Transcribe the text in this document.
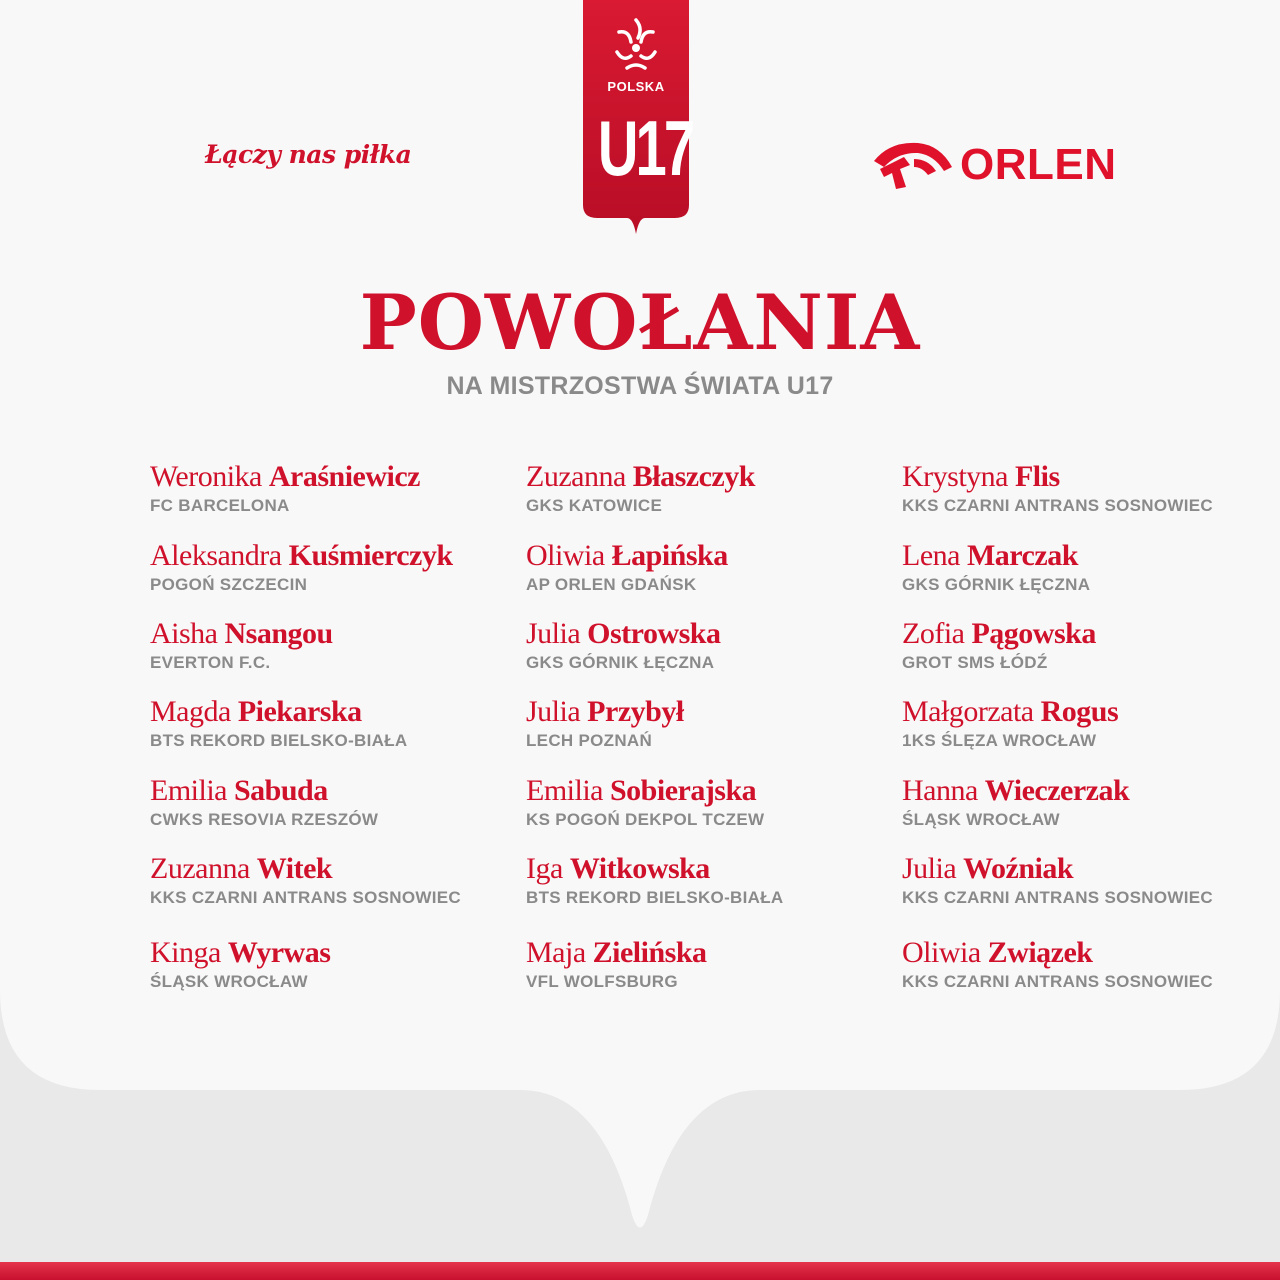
Łączy nas piłka
POLSKA
U17	ORLEN
POWOŁANIA
NA MISTRZOSTWA ŚWIATA U17
Weronika Araśniewicz
FC BARCELONA
Aleksandra Kuśmierczyk
POGOŃ SZCZECIN
Aisha Nsangou
EVERTON F.C.
Magda Piekarska
BTS REKORD BIELSKO-BIAŁA
Emilia Sabuda
CWKS RESOVIA RZESZÓW
Zuzanna Witek
KKS CZARNI ANTRANS SOSNOWIEC
Kinga Wyrwas
ŚLĄSK WROCŁAW
Zuzanna Błaszczyk
GKS KATOWICE
Oliwia Łapińska
AP ORLEN GDAŃSK
Julia Ostrowska
GKS GÓRNIK ŁĘCZNA
Julia Przybył
LECH POZNAŃ
Emilia Sobierajska
KS POGOŃ DEKPOL TCZEW
Iga Witkowska
BTS REKORD BIELSKO-BIAŁA
Maja Zielińska
VFL WOLFSBURG
Krystyna Flis
KKS CZARNI ANTRANS SOSNOWIEC
Lena Marczak
GKS GÓRNIK ŁĘCZNA
Zofia Pągowska
GROT SMS ŁÓDŹ
Małgorzata Rogus
1KS ŚLĘZA WROCŁAW
Hanna Wieczerzak
ŚLĄSK WROCŁAW
Julia Woźniak
KKS CZARNI ANTRANS SOSNOWIEC
Oliwia Związek
KKS CZARNI ANTRANS SOSNOWIEC
